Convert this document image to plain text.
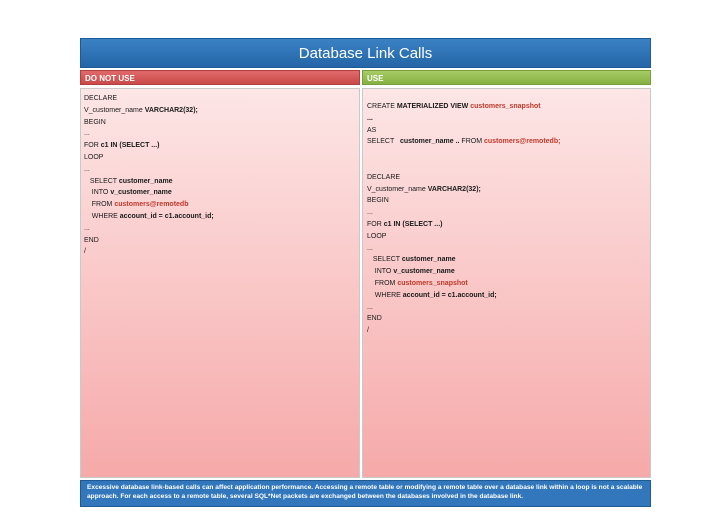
Database Link Calls
DO NOT USE	USE
DECLARE
V_customer_name VARCHAR2(32);
BEGIN
...
FOR c1 IN (SELECT ...)
LOOP
...
SELECT customer_name
INTO v_customer_name
FROM customers@remotedb
WHERE account_id = c1.account_id;
...
END
/
CREATE MATERIALIZED VIEW customers_snapshot
...
AS
SELECT   customer_name .. FROM customers@remotedb;
DECLARE
V_customer_name VARCHAR2(32);
BEGIN
...
FOR c1 IN (SELECT ...)
LOOP
...
SELECT customer_name
INTO v_customer_name
FROM customers_snapshot
WHERE account_id = c1.account_id;
...
END
/
Excessive database link-based calls can affect application performance. Accessing a remote table or modifying a remote table over a database link within a loop is not a scalable approach. For each access to a remote table, several SQL*Net packets are exchanged between the databases involved in the database link.
